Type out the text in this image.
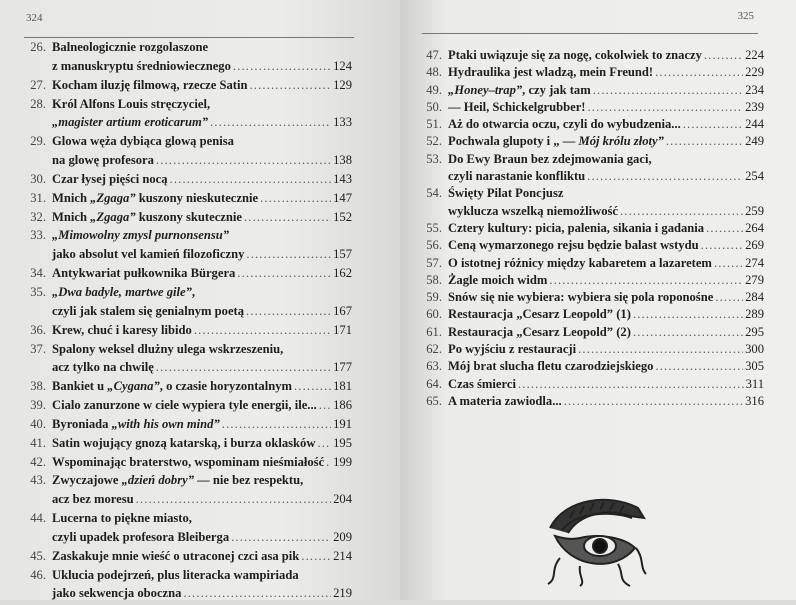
324
26. Balneologicznie rozgolaszone
z manuskryptu średniowiecznego . . .	124
27. Kocham iluzję filmową, rzecze Satin . . .	129
28. Król Alfons Louis stręczyciel,
„magister artium eroticarum” . . .	133
29. Glowa węża dybiąca glową penisa
na glowę profesora . . .	138
30. Czar łysej pięści nocą . . .	143
31. Mnich „Zgaga” kuszony nieskutecznie . . .	147
32. Mnich „Zgaga” kuszony skutecznie . . .	152
33. „Mimowolny zmysl purnonsensu”
jako absolut vel kamień filozoficzny . . .	157
34. Antykwariat pułkownika Bürgera . . .	162
35. „Dwa badyle, martwe gile”,
czyli jak stalem się genialnym poetą . . .	167
36. Krew, chuć i karesy libido . . .	171
37. Spalony weksel dlużny ulega wskrzeszeniu,
acz tylko na chwilę . . .	177
38. Bankiet u „Cygana”, o czasie horyzontalnym . . .	181
39. Cialo zanurzone w ciele wypiera tyle energii, ile... . . . 186
40. Byroniada „with his own mind” . . .	191
41. Satin wojujący gnozą katarską, i burza oklasków . . . 195
42. Wspominając braterstwo, wspominam nieśmiałość . . . 199
43. Zwyczajowe „dzień dobry” — nie bez respektu,
acz bez moresu . . .	204
44. Lucerna to piękne miasto,
czyli upadek profesora Bleiberga . . .	209
45. Zaskakuje mnie wieść o utraconej czci asa pik . . .	214
46. Uklucia podejrzeń, plus literacka wampiriada
jako sekwencja oboczna . . .	219
325
47. Ptaki uwiązuje się za nogę, cokolwiek to znaczy . . .	224
48. Hydraulika jest wladzą, mein Freund! . . .	229
49. „Honey–trap”, czy jak tam . . .	234
50. — Heil, Schickelgrubber! . . .	239
51. Aż do otwarcia oczu, czyli do wybudzenia... . . .	244
52. Pochwala glupoty i „ — Mój królu złoty” . . .	249
53. Do Ewy Braun bez zdejmowania gaci,
czyli narastanie konfliktu . . .	254
54. Święty Pilat Poncjusz
wyklucza wszelką niemożliwość . . .	259
55. Cztery kultury: picia, palenia, sikania i gadania . . .	264
56. Ceną wymarzonego rejsu będzie balast wstydu . . .	269
57. O istotnej różnicy między kabaretem a lazaretem . . .	274
58. Żagle moich widm . . .	279
59. Snów się nie wybiera: wybiera się pola roponośne . . .	284
60. Restauracja „Cesarz Leopold” (1) . . .	289
61. Restauracja „Cesarz Leopold” (2) . . .	295
62. Po wyjściu z restauracji . . .	300
63. Mój brat slucha fletu czarodziejskiego . . .	305
64. Czas śmierci . . .	311
65. A materia zawiodla... . . .	316
